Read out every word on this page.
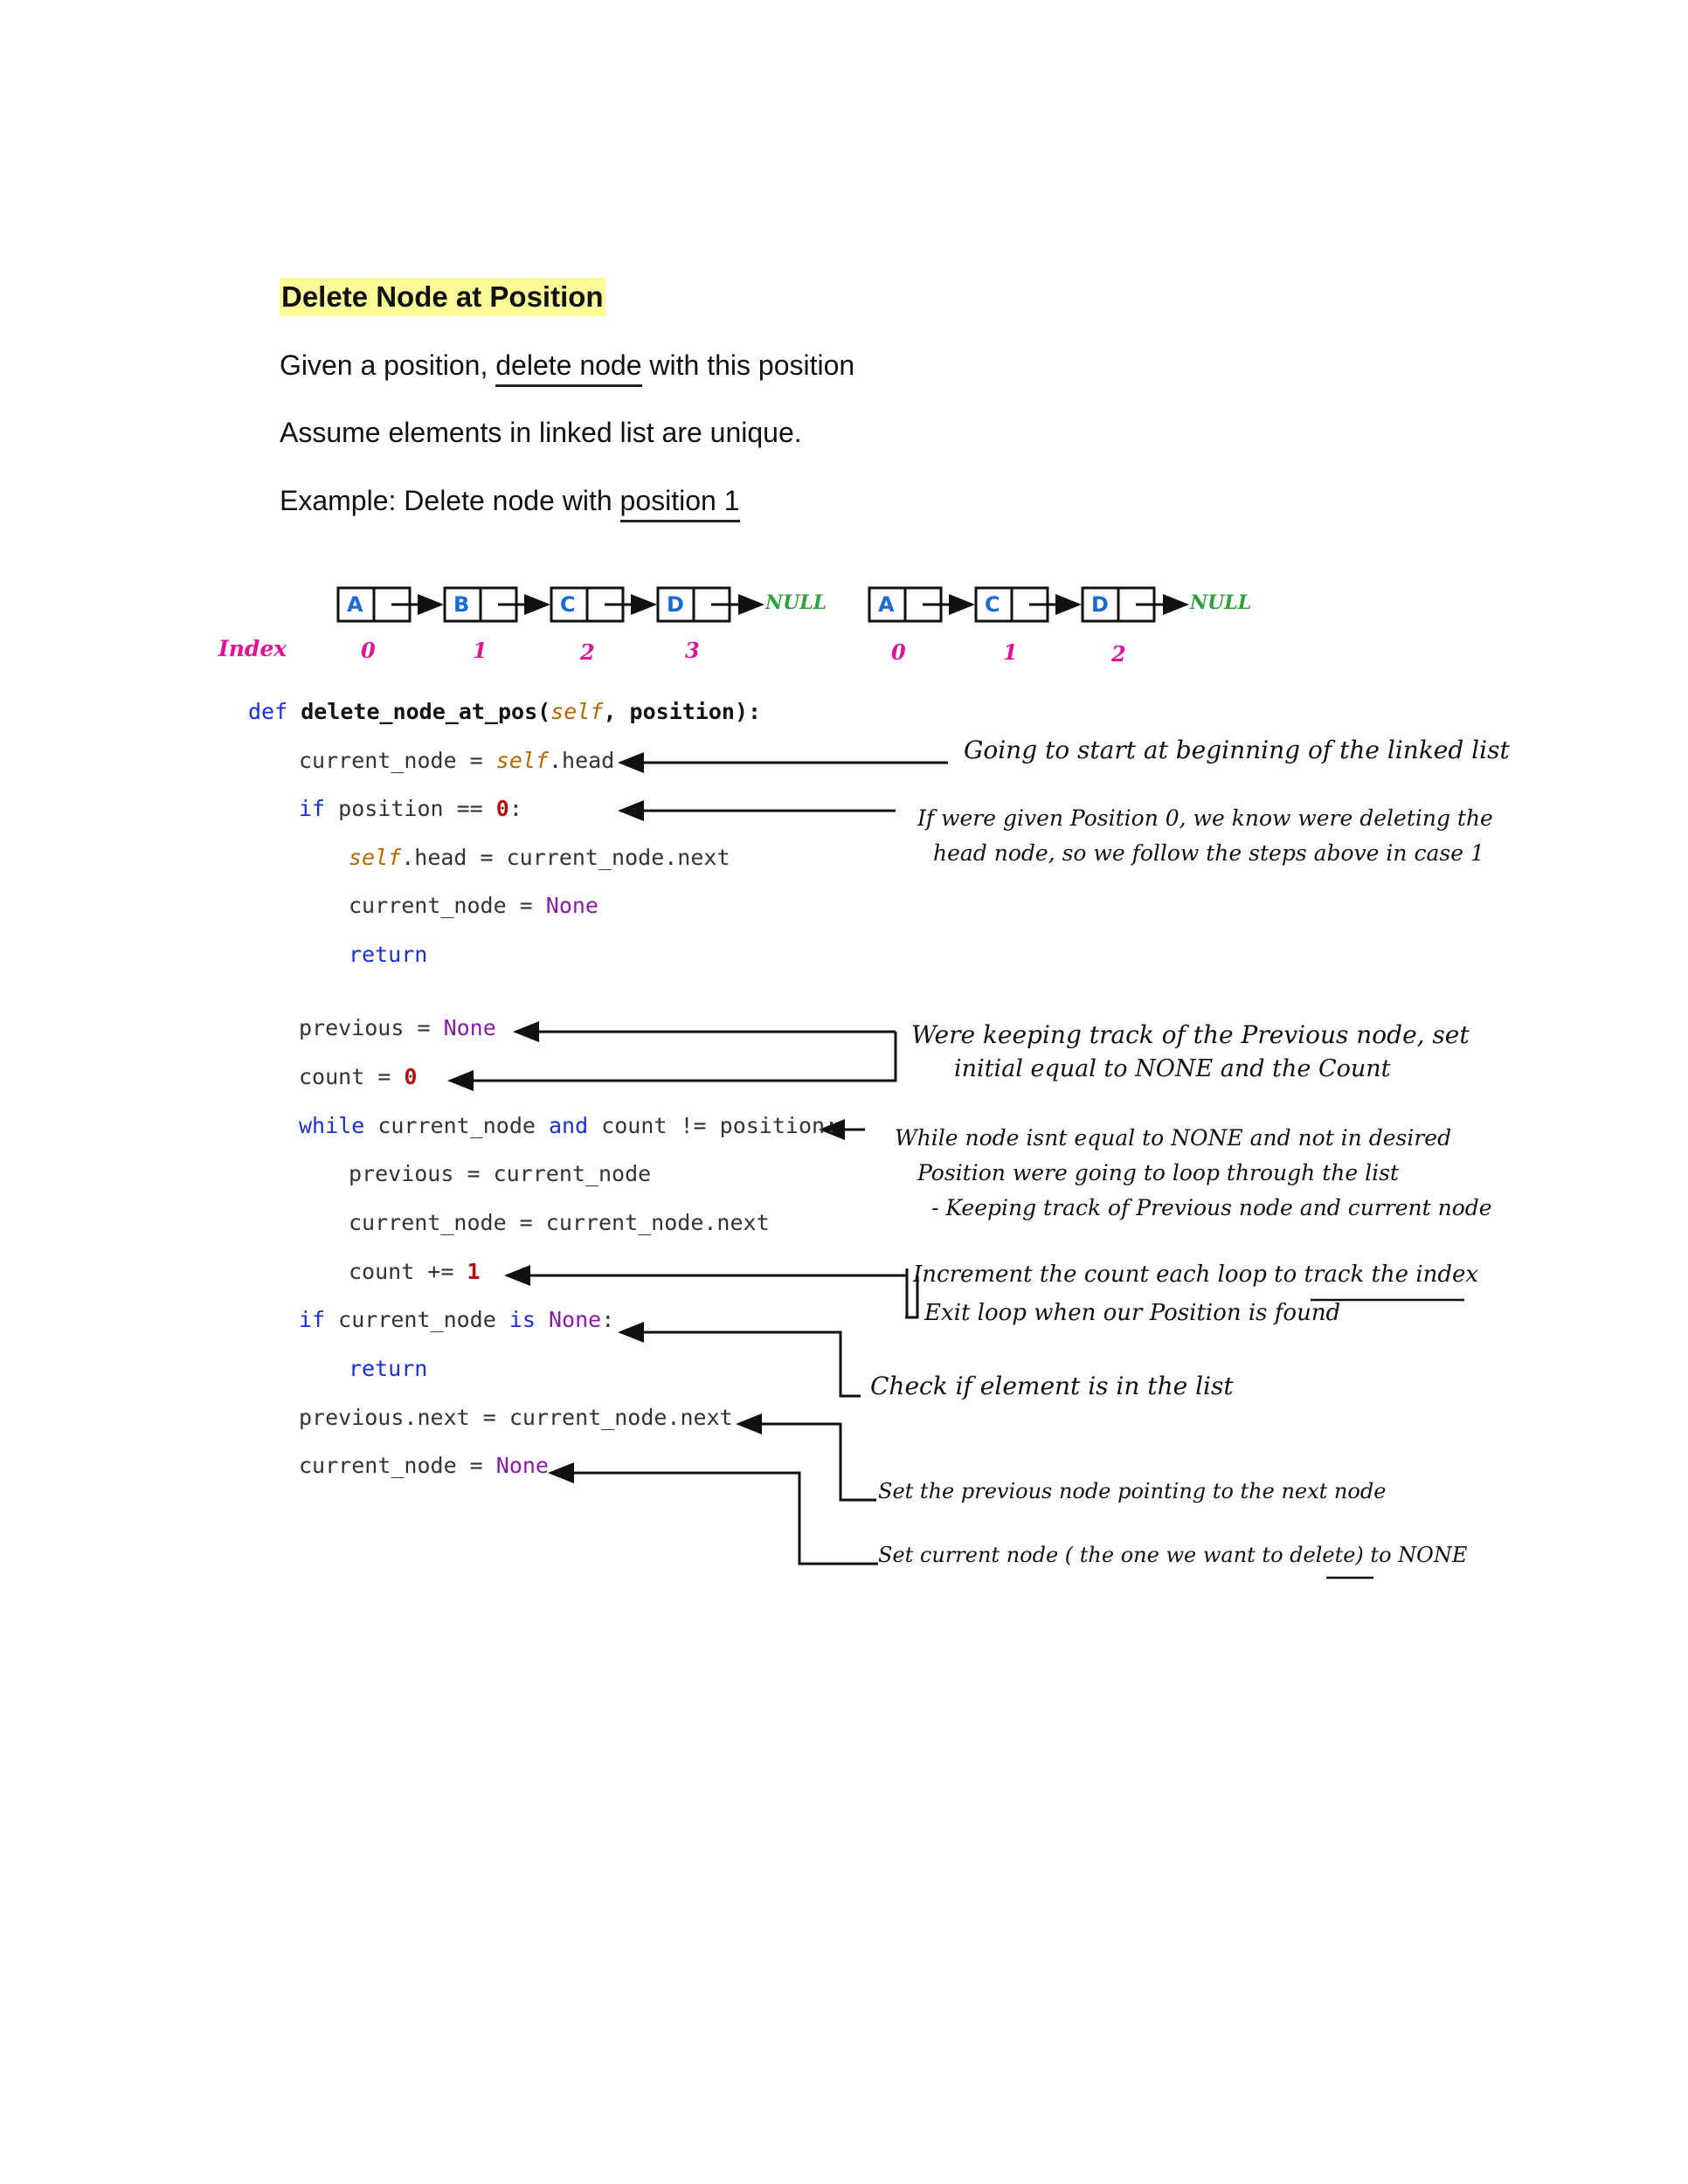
Delete Node at Position
Given a position, delete node with this position
Assume elements in linked list are unique.
Example: Delete node with position 1
Index
A	B	C	D	NULL
0	1	2	3
A	C	D	NULL
0	1	2

def delete_node_at_pos(self, position):

current_node = self.head

if position == 0:

self.head = current_node.next

current_node = None

return

previous = None

count = 0

while current_node and count != position:

previous = current_node

current_node = current_node.next

count += 1

if current_node is None:

return

previous.next = current_node.next

current_node = None

Going to start at beginning of the linked list
If were given Position 0, we know were deleting the
head node, so we follow the steps above in case 1
Were keeping track of the Previous node, set
initial equal to NONE and the Count
While node isnt equal to NONE and not in desired
Position were going to loop through the list
- Keeping track of Previous node and current node
Increment the count each loop to track the index
Exit loop when our Position is found
Check if element is in the list
Set the previous node pointing to the next node
Set current node ( the one we want to delete) to NONE
